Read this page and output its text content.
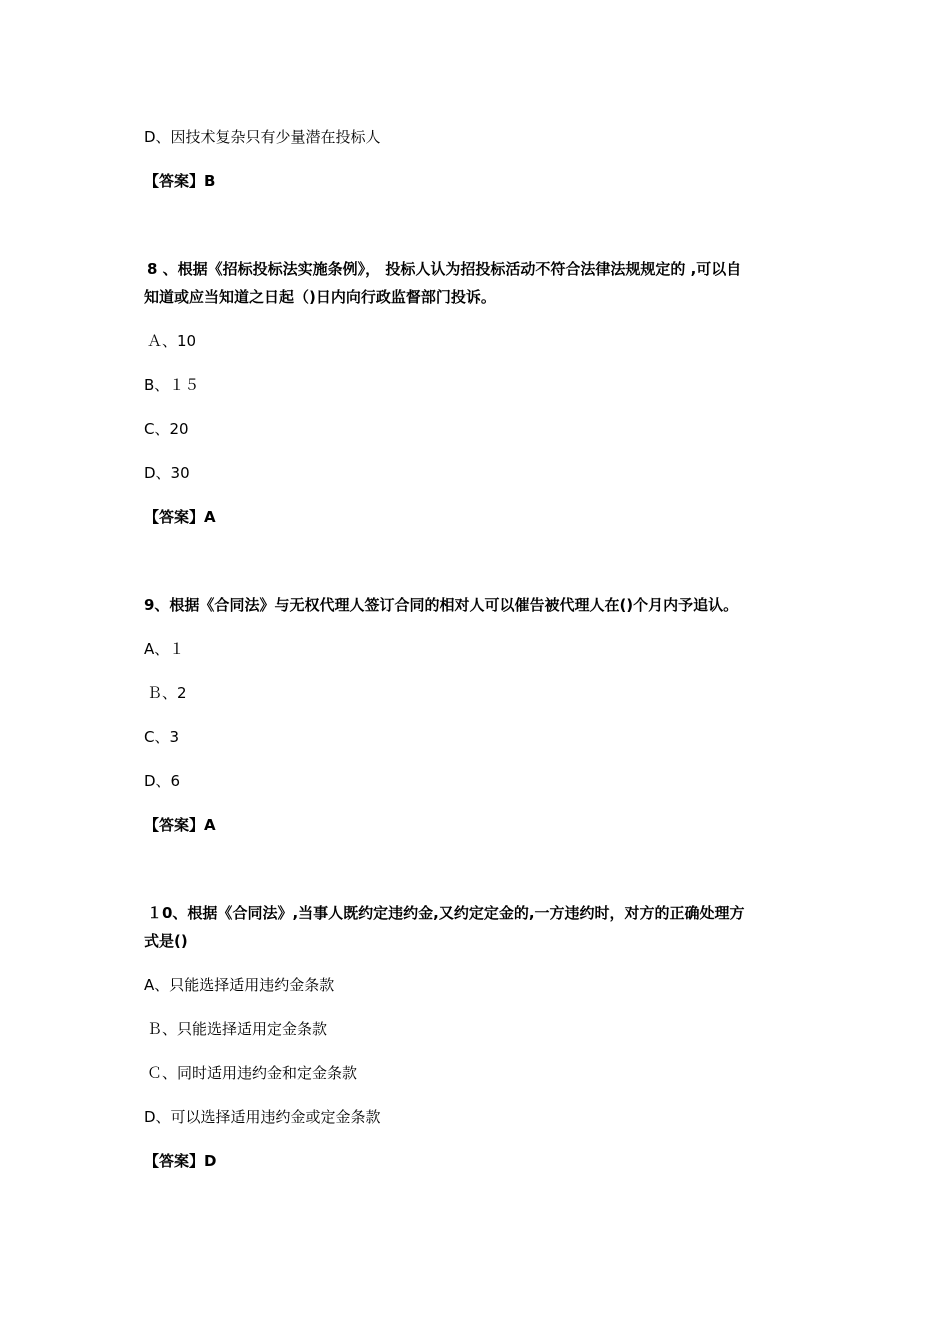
D、因技术复杂只有少量潜在投标人
【答案】B
8 、根据《招标投标法实施条例》， 投标人认为招投标活动不符合法律法规规定的 ,可以自
知道或应当知道之日起（)日内向行政监督部门投诉。
Ａ、10
B、１５
C、20
D、30
【答案】A
9、根据《合同法》与无权代理人签订合同的相对人可以催告被代理人在()个月内予追认。
A、１
Ｂ、2
C、3
D、6
【答案】A
１0、根据《合同法》,当事人既约定违约金,又约定定金的,一方违约时，对方的正确处理方
式是()
A、只能选择适用违约金条款
Ｂ、只能选择适用定金条款
Ｃ、同时适用违约金和定金条款
D、可以选择适用违约金或定金条款
【答案】D
